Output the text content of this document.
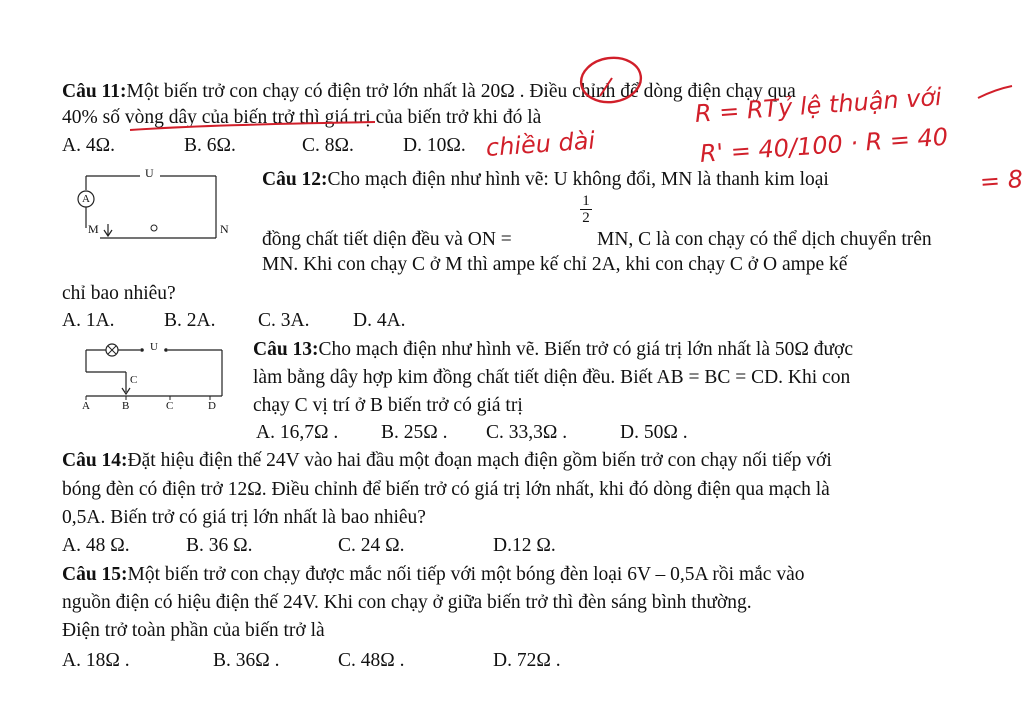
Câu 11:Một biến trở con chạy có điện trở lớn nhất là 20Ω . Điều chỉnh để dòng điện chạy qua
40% số vòng dây của biến trở thì giá trị của biến trở khi đó là
A. 4Ω.	B. 6Ω.	C. 8Ω.	D. 10Ω.
U
A
M	N
Câu 12:Cho mạch điện như hình vẽ: U không đổi, MN là thanh kim loại
$\frac{1}{2}$
đồng chất tiết diện đều và ON =	MN, C là con chạy có thể dịch chuyển trên
MN. Khi con chạy C ở M thì ampe kế chỉ 2A, khi con chạy C ở O ampe kế
chỉ bao nhiêu?
A. 1A.	B. 2A. C. 3A. D. 4A.
U
C
A	B	C	D
Câu 13:Cho mạch điện như hình vẽ. Biến trở có giá trị lớn nhất là 50Ω được
làm bằng dây hợp kim đồng chất tiết diện đều. Biết AB = BC = CD. Khi con
chạy C vị trí ở B biến trở có giá trị
A. 16,7Ω . B. 25Ω . C. 33,3Ω .	D. 50Ω .
Câu 14:Đặt hiệu điện thế 24V vào hai đầu một đoạn mạch điện gồm biến trở con chạy nối tiếp với
bóng đèn có điện trở 12Ω. Điều chỉnh để biến trở có giá trị lớn nhất, khi đó dòng điện qua mạch là
0,5A. Biến trở có giá trị lớn nhất là bao nhiêu?
A. 48 Ω.	B. 36 Ω.	C. 24 Ω.	D.12 Ω.
Câu 15:Một biến trở con chạy được mắc nối tiếp với một bóng đèn loại 6V – 0,5A rồi mắc vào
nguồn điện có hiệu điện thế 24V. Khi con chạy ở giữa biến trở thì đèn sáng bình thường.
Điện trở toàn phần của biến trở là
A. 18Ω .	B. 36Ω .	C. 48Ω .	D. 72Ω .
R = RTỷ lệ thuận với
chiều dài	R' = 40/100 · R = 40
= 8
